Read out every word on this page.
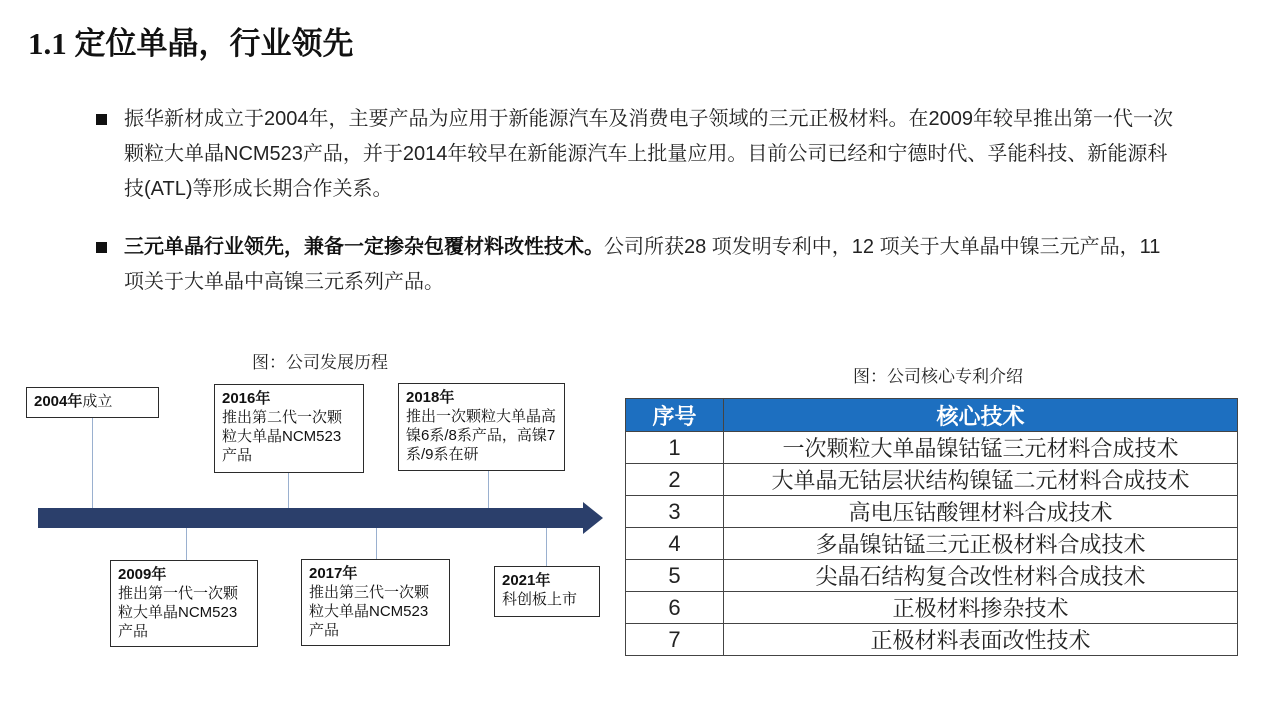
1.1 定位单晶，行业领先
振华新材成立于2004年，主要产品为应用于新能源汽车及消费电子领域的三元正极材料。在2009年较早推出第一代一次颗粒大单晶NCM523产品，并于2014年较早在新能源汽车上批量应用。目前公司已经和宁德时代、孚能科技、新能源科技(ATL)等形成长期合作关系。
三元单晶行业领先，兼备一定掺杂包覆材料改性技术。公司所获28 项发明专利中，12 项关于大单晶中镍三元产品，11 项关于大单晶中高镍三元系列产品。
图：公司发展历程
2004年成立	2016年
推出第二代一次颗粒大单晶NCM523产品
2018年
推出一次颗粒大单晶高镍6系/8系产品，高镍7系/9系在研
2009年
推出第一代一次颗粒大单晶NCM523产品
2017年
推出第三代一次颗粒大单晶NCM523产品
2021年
科创板上市
图：公司核心专利介绍
序号	核心技术
1	一次颗粒大单晶镍钴锰三元材料合成技术
2	大单晶无钴层状结构镍锰二元材料合成技术
3	高电压钴酸锂材料合成技术
4	多晶镍钴锰三元正极材料合成技术
5	尖晶石结构复合改性材料合成技术
6	正极材料掺杂技术
7	正极材料表面改性技术
